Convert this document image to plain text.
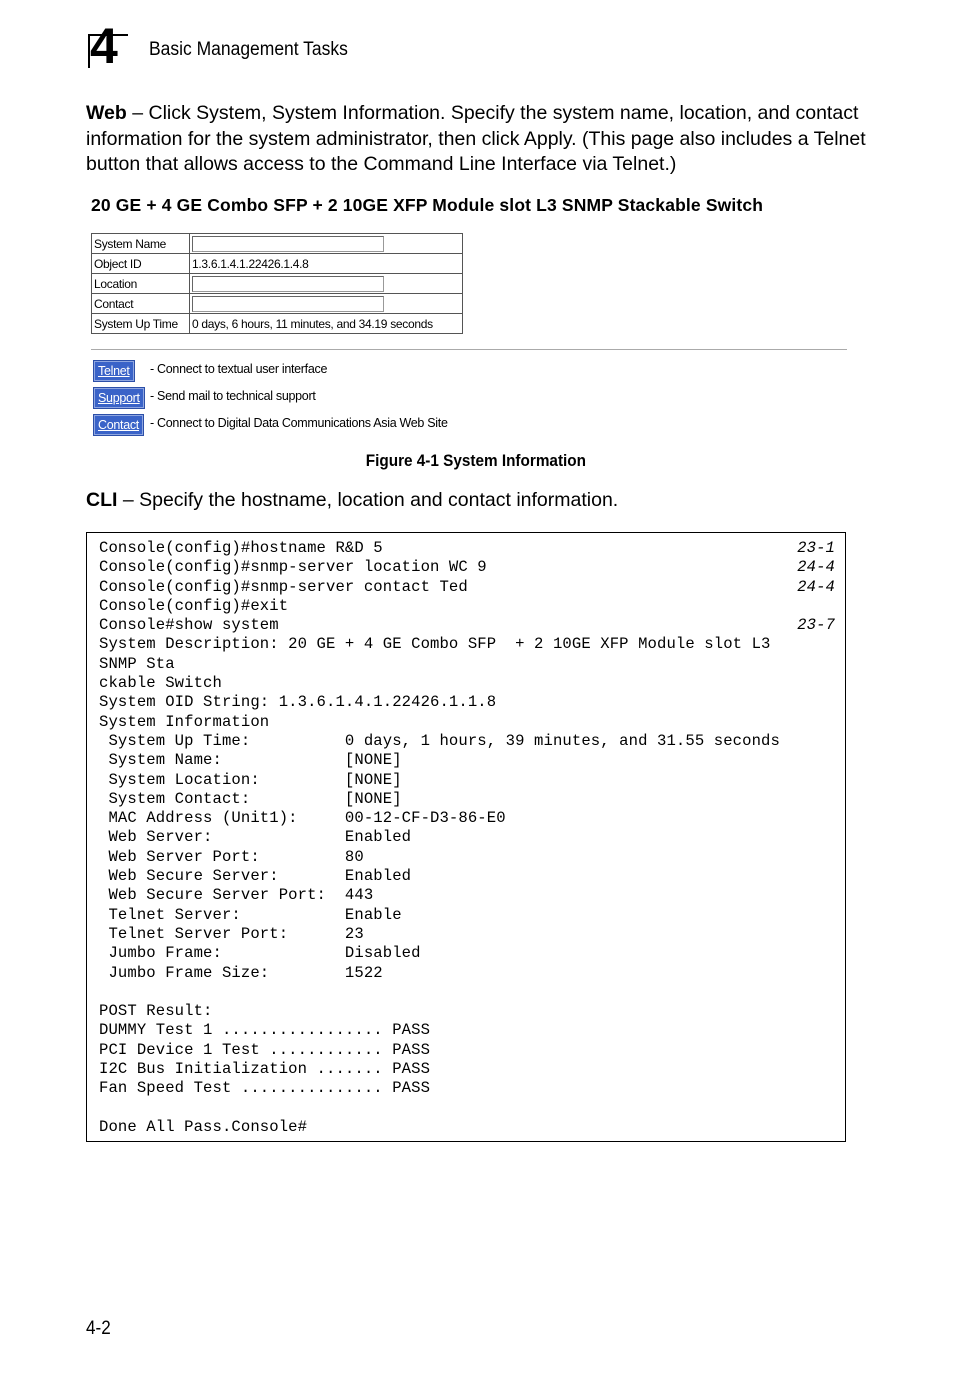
4 Basic Management Tasks
Web – Click System, System Information. Specify the system name, location, and contact information for the system administrator, then click Apply. (This page also includes a Telnet button that allows access to the Command Line Interface via Telnet.)
20 GE + 4 GE Combo SFP + 2 10GE XFP Module slot L3 SNMP Stackable Switch
System Name	
Object ID	1.3.6.1.4.1.22426.1.4.8
Location	
Contact	
System Up Time	0 days, 6 hours, 11 minutes, and 34.19 seconds
Telnet	- Connect to textual user interface
Support - Send mail to technical support
Contact - Connect to Digital Data Communications Asia Web Site
Figure 4-1 System Information
CLI – Specify the hostname, location and contact information.
Console(config)#hostname R&D 5	23-1
Console(config)#snmp-server location WC 9	24-4
Console(config)#snmp-server contact Ted	24-4
Console(config)#exit
Console#show system	23-7
System Description: 20 GE + 4 GE Combo SFP  + 2 10GE XFP Module slot L3
SNMP Sta
ckable Switch
System OID String: 1.3.6.1.4.1.22426.1.1.8
System Information
System Up Time:          0 days, 1 hours, 39 minutes, and 31.55 seconds
System Name:             [NONE]
System Location:         [NONE]
System Contact:          [NONE]
MAC Address (Unit1):     00-12-CF-D3-86-E0
Web Server:              Enabled
Web Server Port:         80
Web Secure Server:       Enabled
Web Secure Server Port:  443
Telnet Server:           Enable
Telnet Server Port:      23
Jumbo Frame:             Disabled
Jumbo Frame Size:        1522
POST Result:
DUMMY Test 1 ................. PASS
PCI Device 1 Test ............ PASS
I2C Bus Initialization ....... PASS
Fan Speed Test ............... PASS
Done All Pass.Console#
4-2
